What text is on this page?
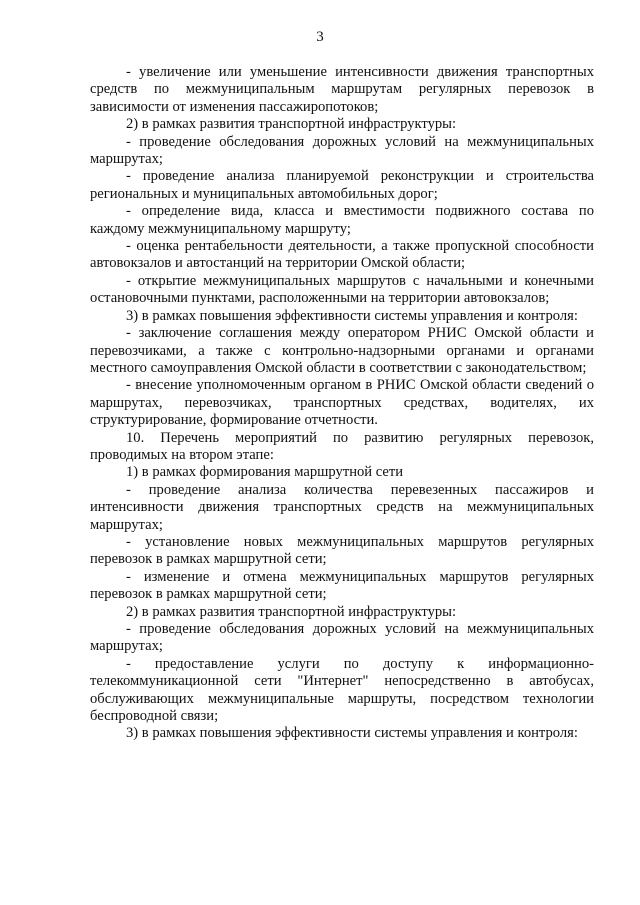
3

- увеличение или уменьшение интенсивности движения транспортных средств по межмуниципальным маршрутам регулярных перевозок в зависимости от изменения пассажиропотоков;

2) в рамках развития транспортной инфраструктуры:

- проведение обследования дорожных условий на межмуниципальных маршрутах;

- проведение анализа планируемой реконструкции и строительства региональных и муниципальных автомобильных дорог;

- определение вида, класса и вместимости подвижного состава по каждому межмуниципальному маршруту;

- оценка рентабельности деятельности, а также пропускной способности автовокзалов и автостанций на территории Омской области;

- открытие межмуниципальных маршрутов с начальными и конечными остановочными пунктами, расположенными на территории автовокзалов;

3) в рамках повышения эффективности системы управления и контроля:

- заключение соглашения между оператором РНИС Омской области и перевозчиками, а также с контрольно-надзорными органами и органами местного самоуправления Омской области в соответствии с законодательством;

- внесение уполномоченным органом в РНИС Омской области сведений о маршрутах, перевозчиках, транспортных средствах, водителях, их структурирование, формирование отчетности.

10. Перечень мероприятий по развитию регулярных перевозок, проводимых на втором этапе:

1) в рамках формирования маршрутной сети

- проведение анализа количества перевезенных пассажиров и интенсивности движения транспортных средств на межмуниципальных маршрутах;

- установление новых межмуниципальных маршрутов регулярных перевозок в рамках маршрутной сети;

- изменение и отмена межмуниципальных маршрутов регулярных перевозок в рамках маршрутной сети;

2) в рамках развития транспортной инфраструктуры:

- проведение обследования дорожных условий на межмуниципальных маршрутах;

- предоставление услуги по доступу к информационно-телекоммуникационной сети "Интернет" непосредственно в автобусах, обслуживающих межмуниципальные маршруты, посредством технологии беспроводной связи;

3) в рамках повышения эффективности системы управления и контроля:
